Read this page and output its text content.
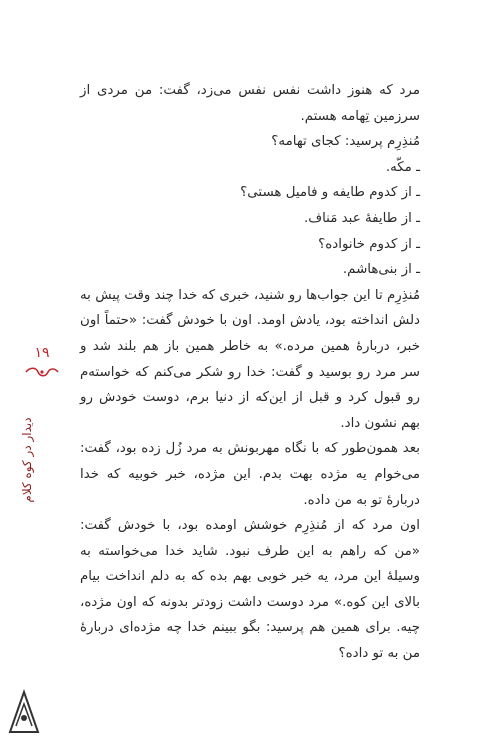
مرد که هنوز داشت نفس نفس می‌زد، گفت: من مردی از سرزمین تِهامه هستم.

مُنذِرِم پرسید: کجای تهامه؟

ـ مکّه.

ـ از کدوم طایفه و فامیل هستی؟

ـ از طایفهٔ عبد مَناف.

ـ از کدوم خانواده؟

ـ از بنی‌هاشم.

مُنذِرِم تا این جواب‌ها رو شنید، خبری که خدا چند وقت پیش به دلش انداخته بود، یادش اومد. اون با خودش گفت: «حتماً اون خبر، دربارهٔ همین مرده.» به خاطر همین باز هم بلند شد و سر مرد رو بوسید و گفت: خدا رو شکر می‌کنم که خواسته‌م رو قبول کرد و قبل از این‌که از دنیا برم، دوست خودش رو بهم نشون داد.

بعد همون‌طور که با نگاه مهربونش به مرد زُل زده بود، گفت: می‌خوام یه مژده بهت بدم. این مژده، خبر خوبیه که خدا دربارهٔ تو به من داده.

اون مرد که از مُنذِرِم خوشش اومده بود، با خودش گفت: «من که راهم به این طرف نبود. شاید خدا می‌خواسته به وسیلهٔ این مرد، یه خبر خوبی بهم بده که به دلم انداخت بیام بالای این کوه.» مرد دوست داشت زودتر بدونه که اون مژده، چیه. برای همین هم پرسید: بگو ببینم خدا چه مژده‌ای دربارهٔ من به تو داده؟

۱۹
دیدار در کوه کلام
